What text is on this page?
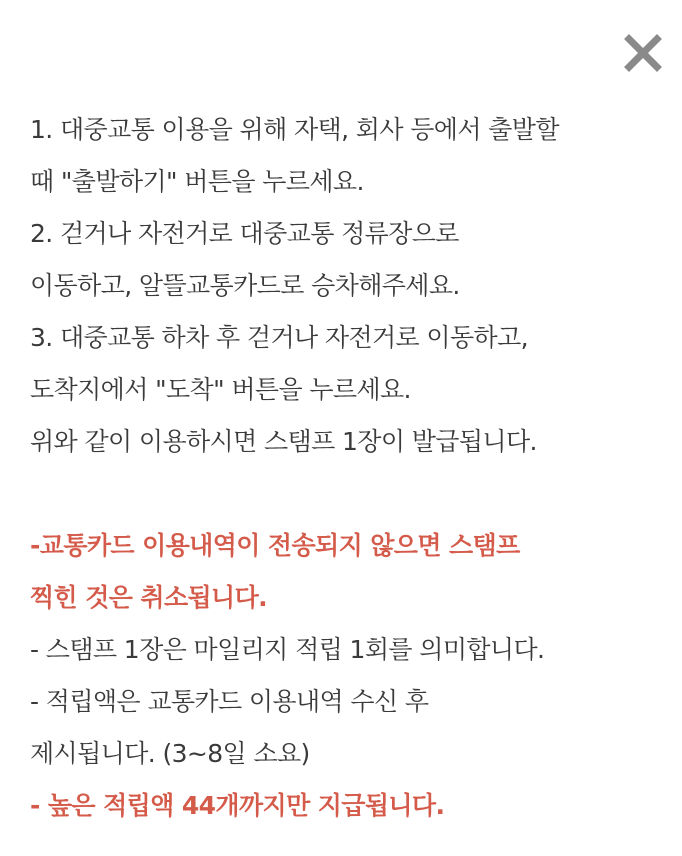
1. 대중교통 이용을 위해 자택, 회사 등에서 출발할
때 "출발하기" 버튼을 누르세요.
2. 걷거나 자전거로 대중교통 정류장으로
이동하고, 알뜰교통카드로 승차해주세요.
3. 대중교통 하차 후 걷거나 자전거로 이동하고,
도착지에서 "도착" 버튼을 누르세요.
위와 같이 이용하시면 스탬프 1장이 발급됩니다.
-교통카드 이용내역이 전송되지 않으면 스탬프
찍힌 것은 취소됩니다.
- 스탬프 1장은 마일리지 적립 1회를 의미합니다.
- 적립액은 교통카드 이용내역 수신 후
제시됩니다. (3~8일 소요)
- 높은 적립액 44개까지만 지급됩니다.
